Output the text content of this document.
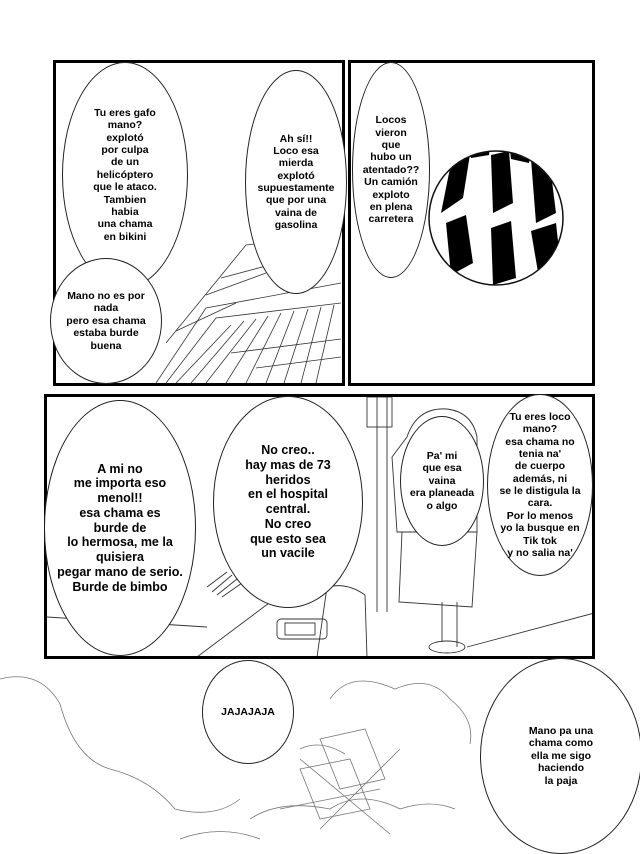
Tu eres gafo
mano?
explotó
por culpa
de un
helicóptero
que le ataco.
Tambien
habia
una chama
en bikini
Ah sí!!
Loco esa
mierda
explotó
supuestamente
que por una
vaina de
gasolina
Mano no es por
nada
pero esa chama
estaba burde
buena
Locos
vieron
que
hubo un
atentado??
Un camión
exploto
en plena
carretera
A mi no
me importa eso
menol!!
esa chama es
burde de
lo hermosa, me la
quisiera
pegar mano de serio.
Burde de bimbo
No creo..
hay mas de 73
heridos
en el hospital
central.
No creo
que esto sea
un vacile
Pa' mi
que esa
vaina
era planeada
o algo
Tu eres loco
mano?
esa chama no
tenia na'
de cuerpo
además, ni
se le distigula la
cara.
Por lo menos
yo la busque en
Tik tok
y no salia na'
JAJAJAJA
Mano pa una
chama como
ella me sigo
haciendo
la paja
